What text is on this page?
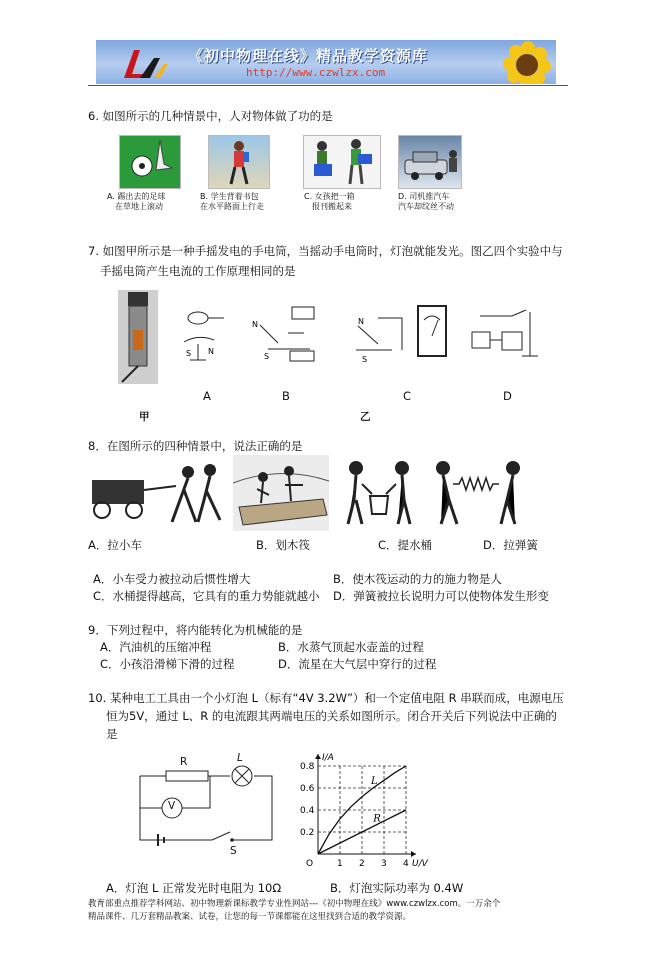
《初中物理在线》精品教学资源库
http://www.czwlzx.com
6. 如图所示的几种情景中，人对物体做了功的是
A. 踢出去的足球
在草地上滚动
B. 学生背着书包
在水平路面上行走
C. 女孩把一箱
报刊搬起来
D. 司机推汽车
汽车却纹丝不动
7. 如图甲所示是一种手摇发电的手电筒，当摇动手电筒时，灯泡就能发光。图乙四个实验中与
手摇电筒产生电流的工作原理相同的是
S N
N
S
N
S
A	B	C	D
甲	乙
8．在图所示的四种情景中，说法正确的是
A．拉小车	B．划木筏	C．提水桶	D．拉弹簧
A．小车受力被拉动后惯性增大	B．使木筏运动的力的施力物是人
C．水桶提得越高，它具有的重力势能就越小 D．弹簧被拉长说明力可以使物体发生形变
9．下列过程中，将内能转化为机械能的是
A．汽油机的压缩冲程	B．水蒸气顶起水壶盖的过程
C．小孩沿滑梯下滑的过程	D．流星在大气层中穿行的过程
10. 某种电工工具由一个小灯泡 L（标有“4V 3.2W”）和一个定值电阻 R 串联而成，电源电压
恒为5V，通过 L、R 的电流跟其两端电压的关系如图所示。闭合开关后下列说法中正确的
是
R	L
V
S
1 2 3 4
0.2
0.4
0.6
0.8
O	U/V
I/A
L
R
A．灯泡 L 正常发光时电阻为 10Ω	B．灯泡实际功率为 0.4W
教育部重点推荐学科网站、初中物理新课标教学专业性网站---《初中物理在线》www.czwlzx.com。一万余个
精品课件、几万套精品教案、试卷，让您的每一节课都能在这里找到合适的教学资源。
